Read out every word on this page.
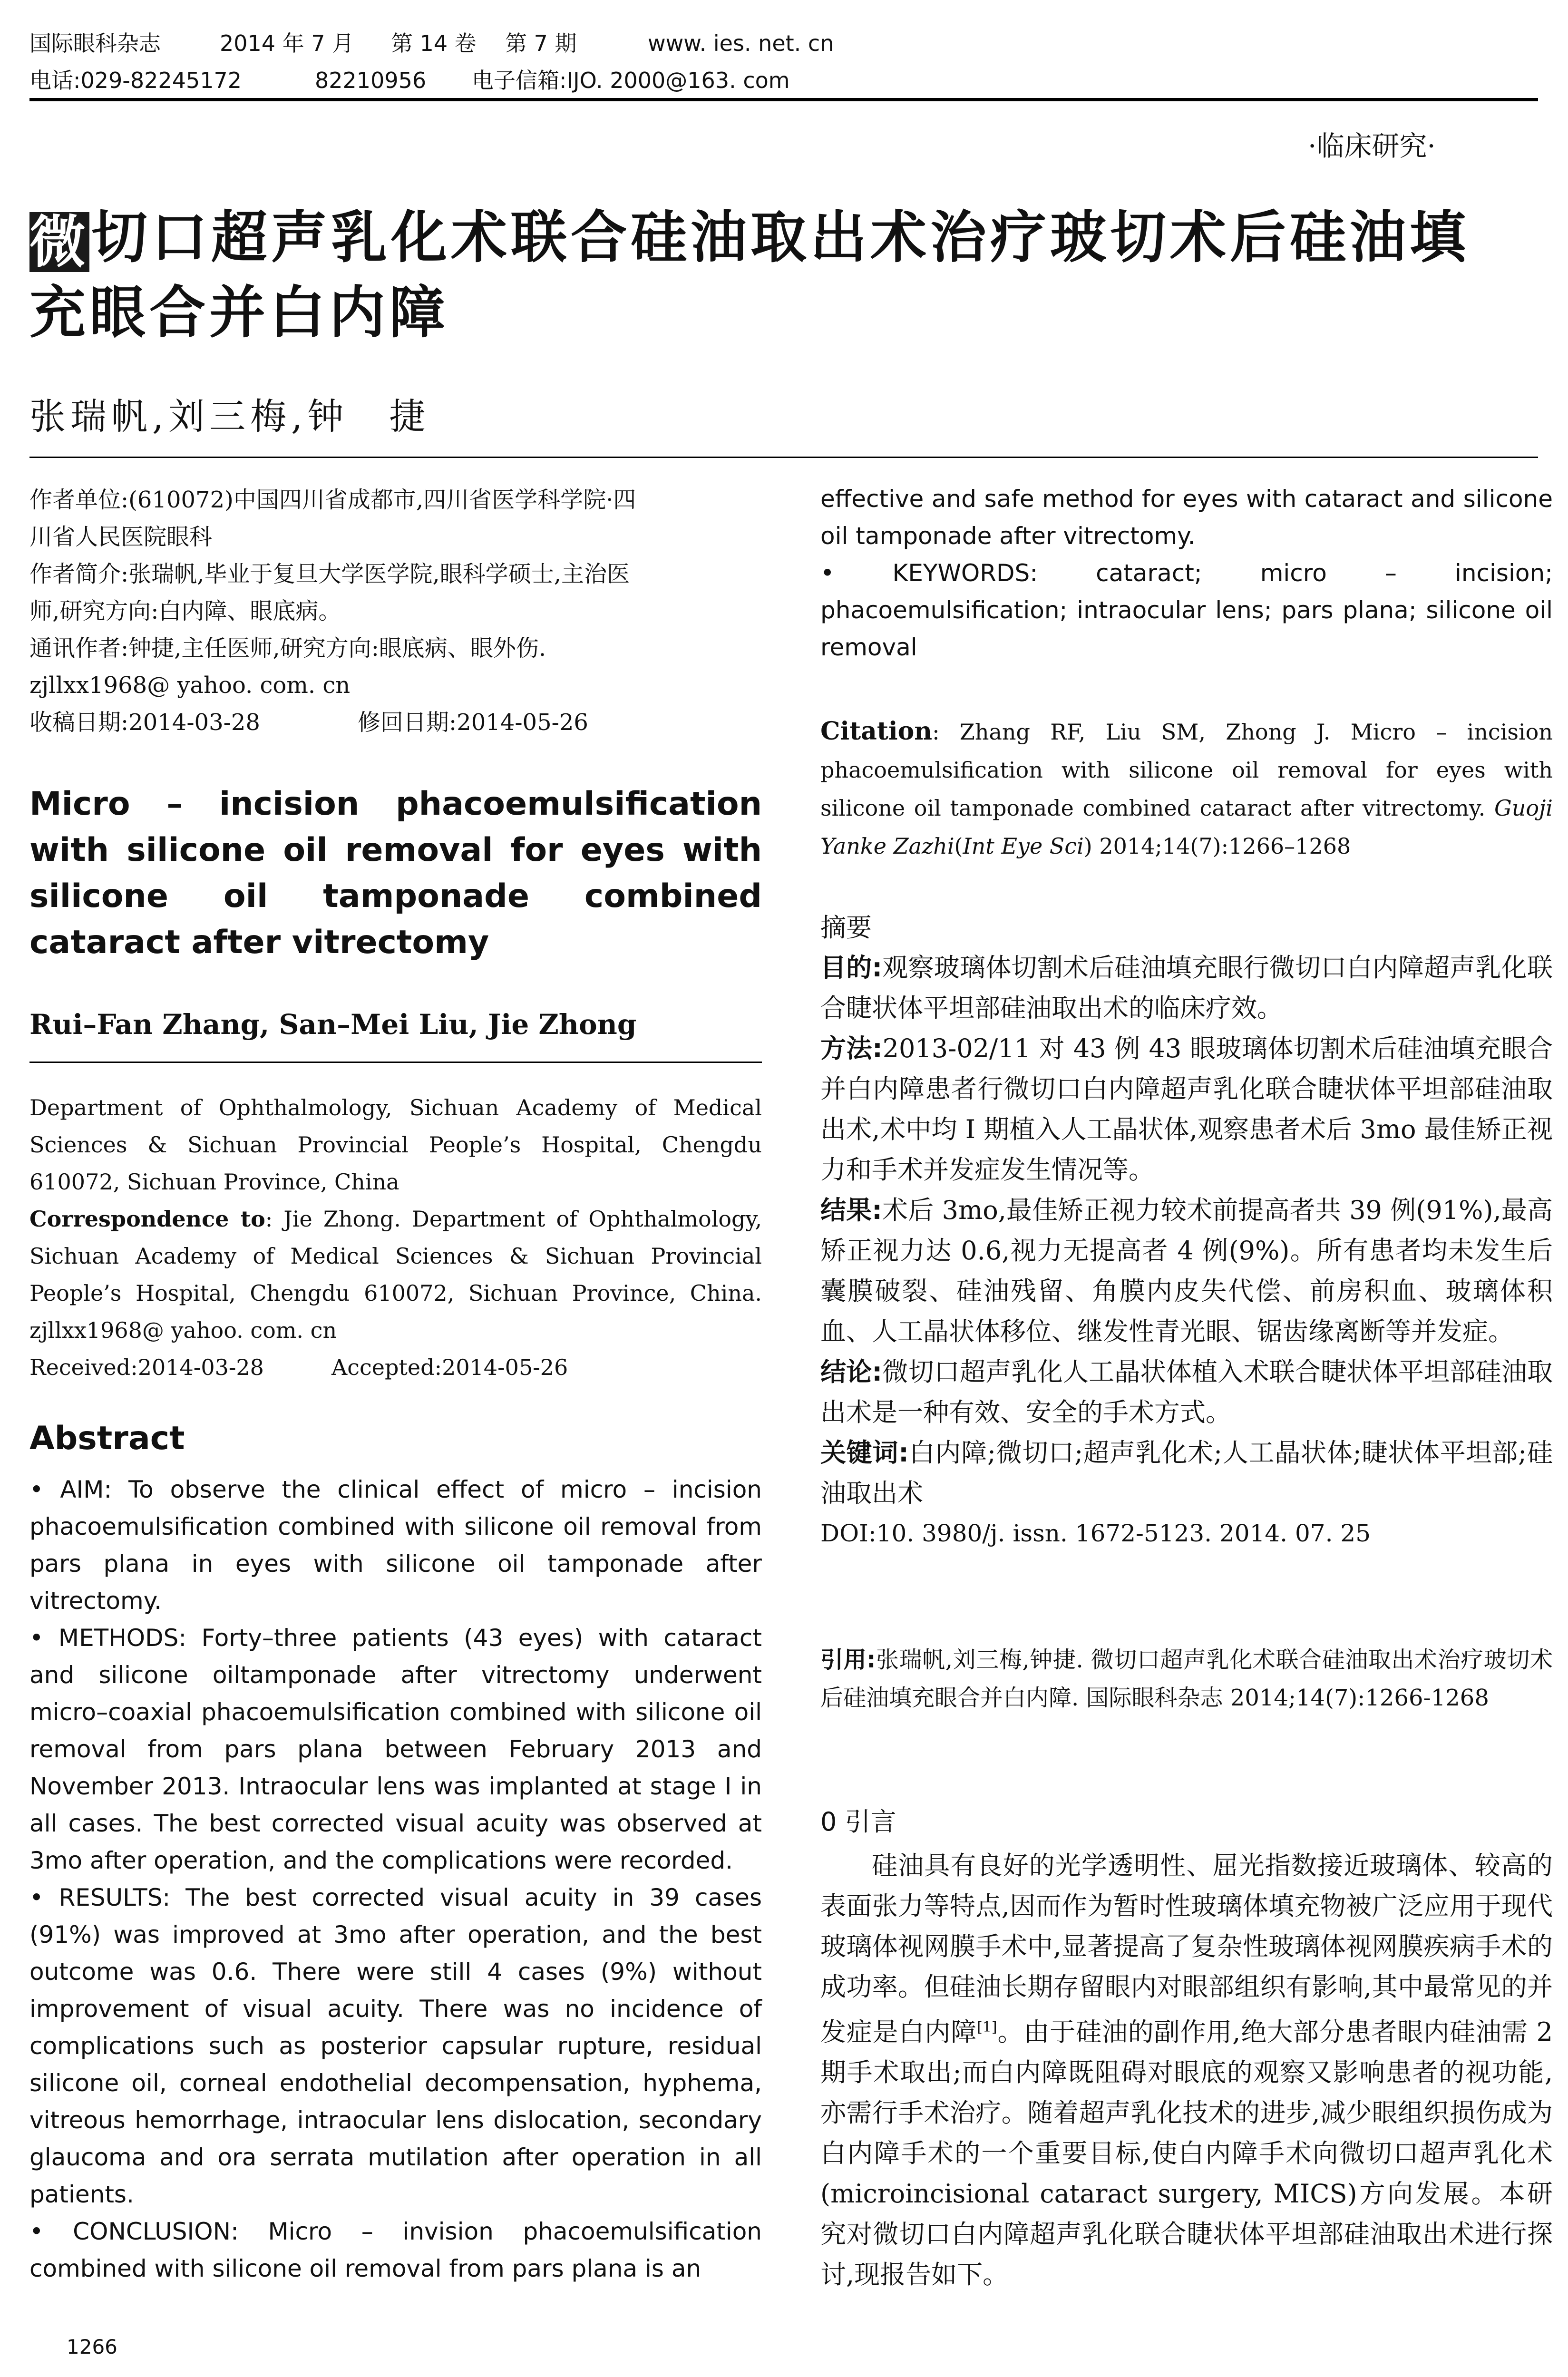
国际眼科杂志	2014 年 7 月 第 14 卷 第 7 期	www. ies. net. cn
电话:029-82245172	82210956 电子信箱:IJO. 2000@163. com
·临床研究·
微切口超声乳化术联合硅油取出术治疗玻切术后硅油填
充眼合并白内障
张瑞帆,刘三梅,钟　捷

作者单位:(610072)中国四川省成都市,四川省医学科学院·四

川省人民医院眼科

作者简介:张瑞帆,毕业于复旦大学医学院,眼科学硕士,主治医

师,研究方向:白内障、眼底病。

通讯作者:钟捷,主任医师,研究方向:眼底病、眼外伤.

zjllxx1968@ yahoo. com. cn

收稿日期:2014-03-28	修回日期:2014-05-26

Micro – incision phacoemulsification with silicone oil removal for eyes with silicone oil tamponade combined cataract after vitrectomy
Rui–Fan Zhang, San–Mei Liu, Jie Zhong

Department of Ophthalmology, Sichuan Academy of Medical Sciences & Sichuan Provincial People’s Hospital, Chengdu 610072, Sichuan Province, China

Correspondence to: Jie Zhong. Department of Ophthalmology, Sichuan Academy of Medical Sciences & Sichuan Provincial People’s Hospital, Chengdu 610072, Sichuan Province, China. zjllxx1968@ yahoo. com. cn

Received:2014-03-28	Accepted:2014-05-26

Abstract

• AIM: To observe the clinical effect of micro – incision phacoemulsification combined with silicone oil removal from pars plana in eyes with silicone oil tamponade after vitrectomy.

• METHODS: Forty–three patients (43 eyes) with cataract and silicone oiltamponade after vitrectomy underwent micro–coaxial phacoemulsification combined with silicone oil removal from pars plana between February 2013 and November 2013. Intraocular lens was implanted at stage I in all cases. The best corrected visual acuity was observed at 3mo after operation, and the complications were recorded.

• RESULTS: The best corrected visual acuity in 39 cases (91%) was improved at 3mo after operation, and the best outcome was 0.6. There were still 4 cases (9%) without improvement of visual acuity. There was no incidence of complications such as posterior capsular rupture, residual silicone oil, corneal endothelial decompensation, hyphema, vitreous hemorrhage, intraocular lens dislocation, secondary glaucoma and ora serrata mutilation after operation in all patients.

• CONCLUSION: Micro – invision phacoemulsification combined with silicone oil removal from pars plana is an

1266

effective and safe method for eyes with cataract and silicone oil tamponade after vitrectomy.

• KEYWORDS: cataract; micro – incision; phacoemulsification; intraocular lens; pars plana; silicone oil removal

Citation: Zhang RF, Liu SM, Zhong J. Micro – incision phacoemulsification with silicone oil removal for eyes with silicone oil tamponade combined cataract after vitrectomy. Guoji Yanke Zazhi(Int Eye Sci) 2014;14(7):1266–1268
摘要

目的:观察玻璃体切割术后硅油填充眼行微切口白内障超声乳化联合睫状体平坦部硅油取出术的临床疗效。

方法:2013-02/11 对 43 例 43 眼玻璃体切割术后硅油填充眼合并白内障患者行微切口白内障超声乳化联合睫状体平坦部硅油取出术,术中均 Ⅰ 期植入人工晶状体,观察患者术后 3mo 最佳矫正视力和手术并发症发生情况等。

结果:术后 3mo,最佳矫正视力较术前提高者共 39 例(91%),最高矫正视力达 0.6,视力无提高者 4 例(9%)。所有患者均未发生后囊膜破裂、硅油残留、角膜内皮失代偿、前房积血、玻璃体积血、人工晶状体移位、继发性青光眼、锯齿缘离断等并发症。

结论:微切口超声乳化人工晶状体植入术联合睫状体平坦部硅油取出术是一种有效、安全的手术方式。

关键词:白内障;微切口;超声乳化术;人工晶状体;睫状体平坦部;硅油取出术

DOI:10. 3980/j. issn. 1672-5123. 2014. 07. 25

引用:张瑞帆,刘三梅,钟捷. 微切口超声乳化术联合硅油取出术治疗玻切术后硅油填充眼合并白内障. 国际眼科杂志 2014;14(7):1266-1268

0 引言

硅油具有良好的光学透明性、屈光指数接近玻璃体、较高的表面张力等特点,因而作为暂时性玻璃体填充物被广泛应用于现代玻璃体视网膜手术中,显著提高了复杂性玻璃体视网膜疾病手术的成功率。但硅油长期存留眼内对眼部组织有影响,其中最常见的并发症是白内障[1]。由于硅油的副作用,绝大部分患者眼内硅油需 2 期手术取出;而白内障既阻碍对眼底的观察又影响患者的视功能,亦需行手术治疗。随着超声乳化技术的进步,减少眼组织损伤成为白内障手术的一个重要目标,使白内障手术向微切口超声乳化术(microincisional cataract surgery, MICS)方向发展。本研究对微切口白内障超声乳化联合睫状体平坦部硅油取出术进行探讨,现报告如下。
